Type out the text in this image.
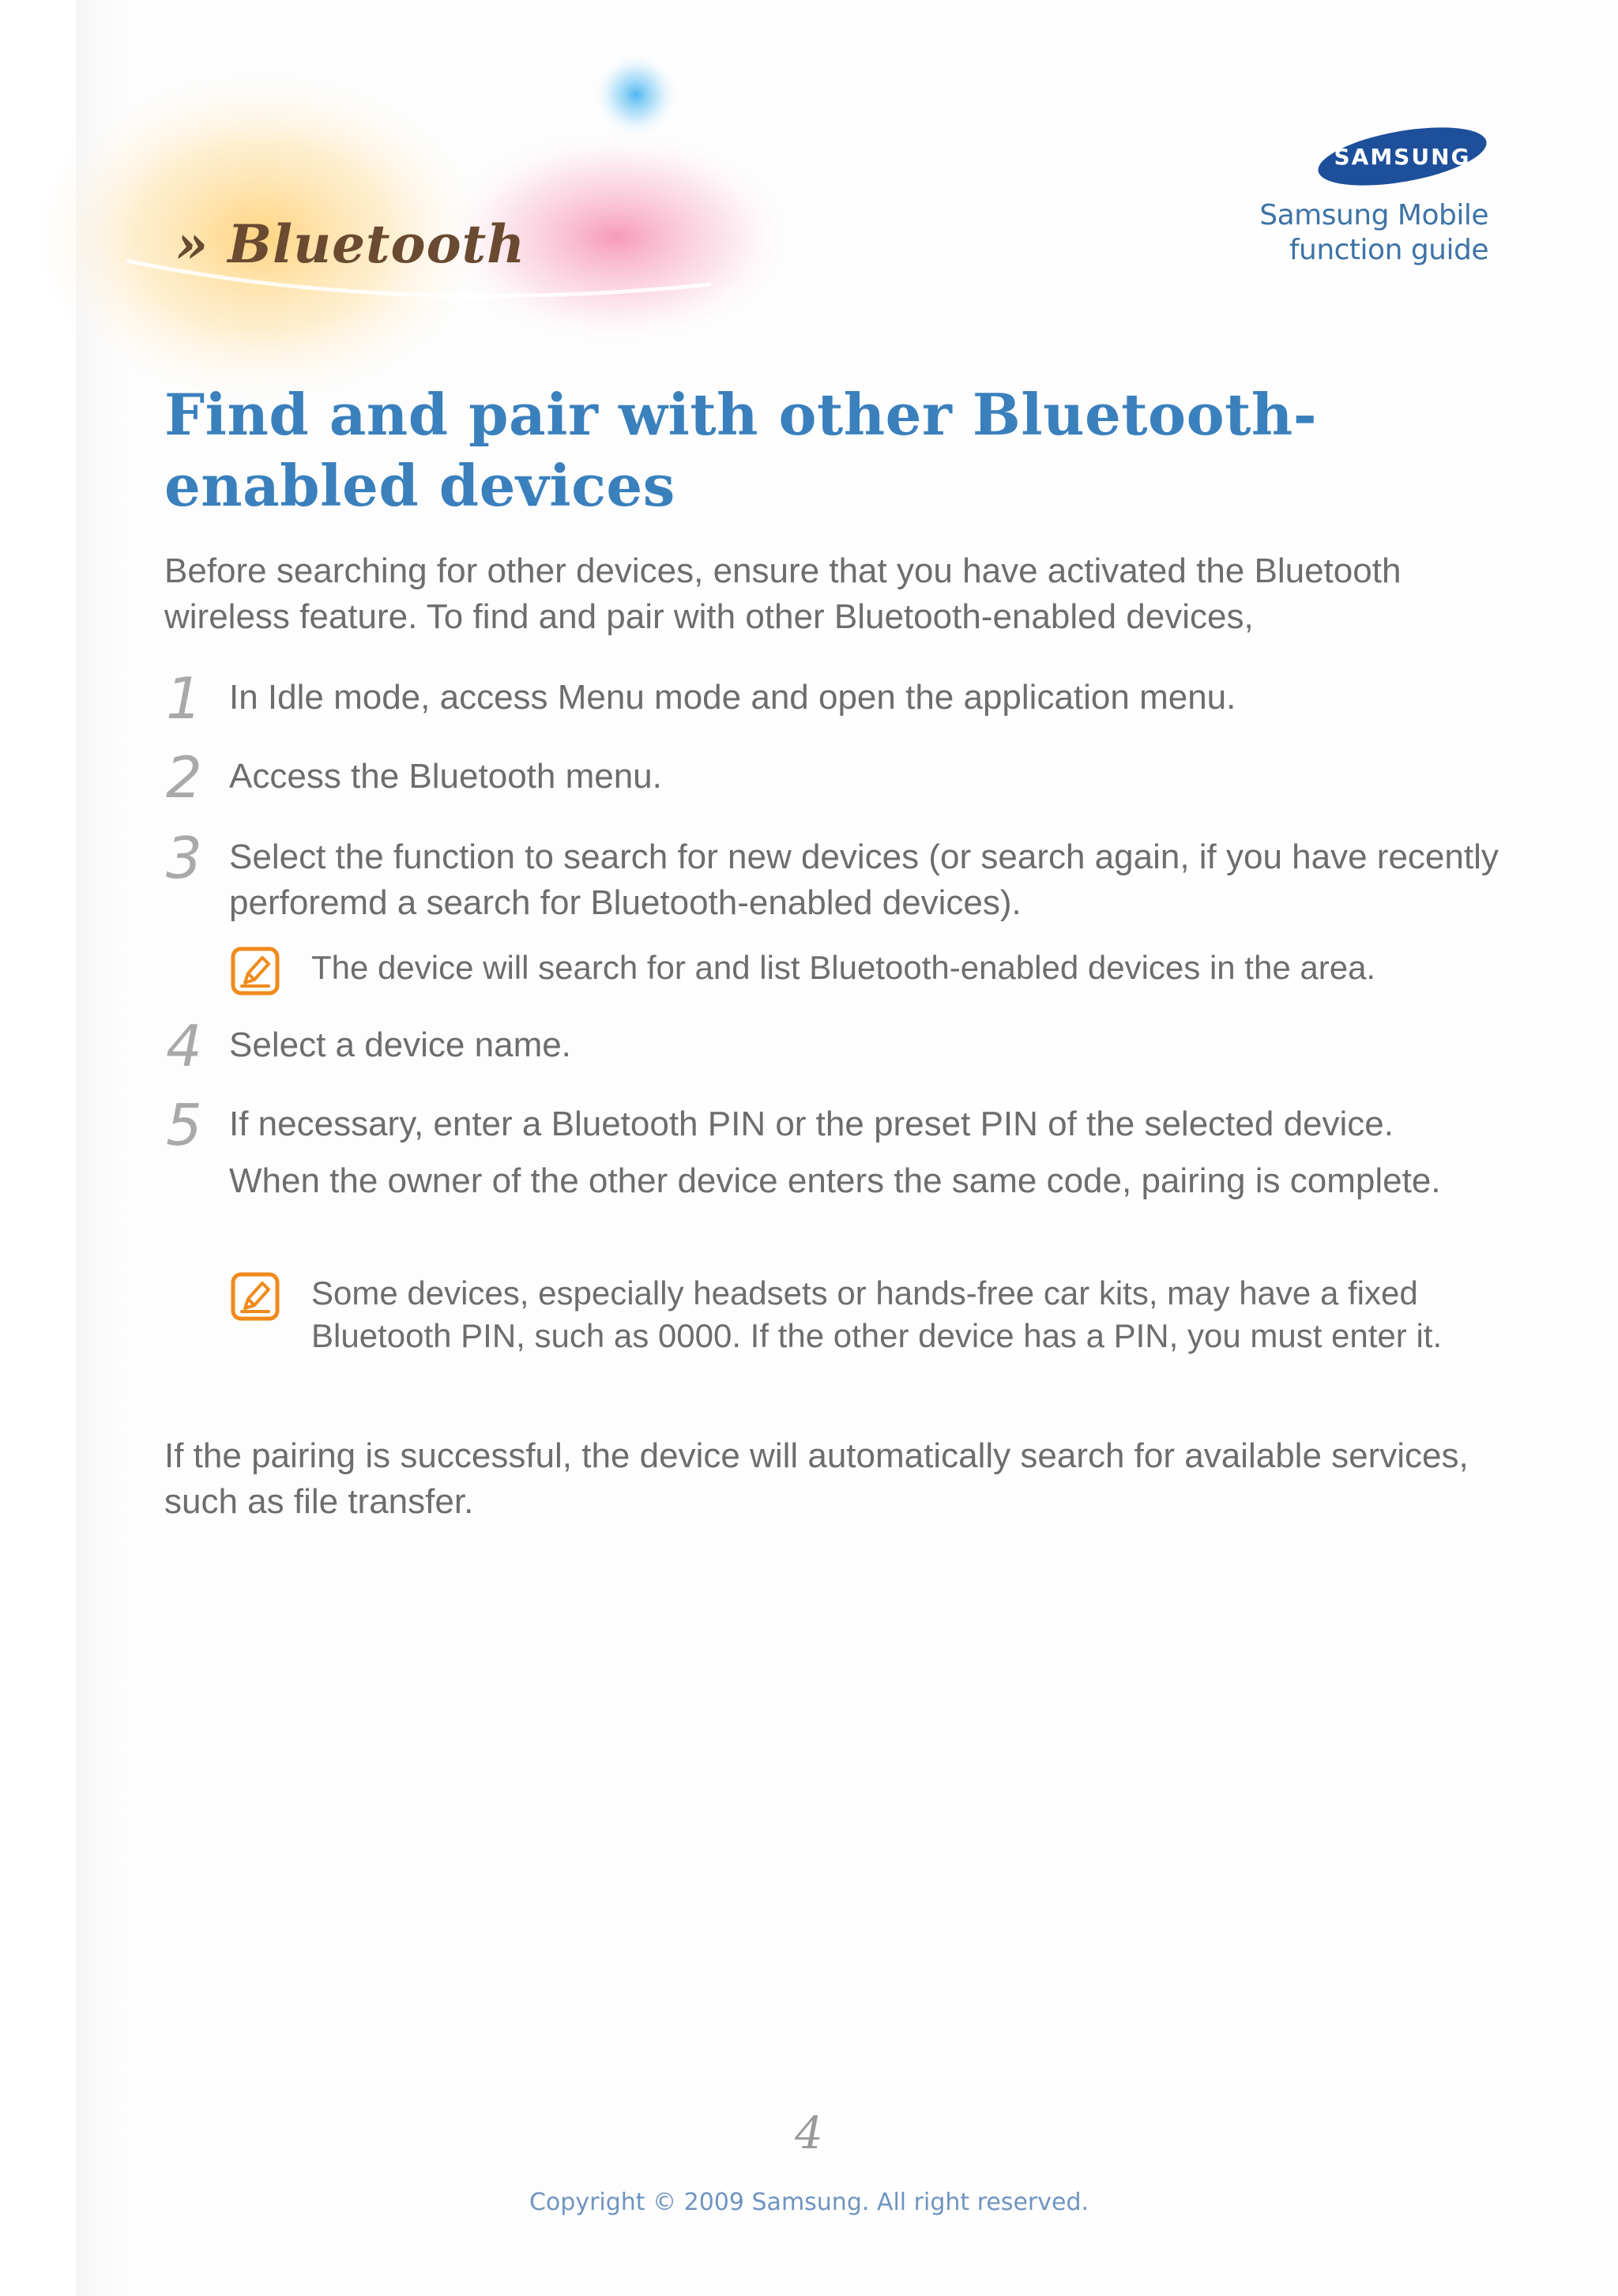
» Bluetooth
SAMSUNG
Samsung Mobile
function guide
Find and pair with other Bluetooth-enabled devices

Before searching for other devices, ensure that you have activated the Bluetooth wireless feature. To find and pair with other Bluetooth-enabled devices,

1 In Idle mode, access Menu mode and open the application menu.

2 Access the Bluetooth menu.

3 Select the function to search for new devices (or search again, if you have recently perforemd a search for Bluetooth-enabled devices).

The device will search for and list Bluetooth-enabled devices in the area.

4 Select a device name.

5 If necessary, enter a Bluetooth PIN or the preset PIN of the selected device.

When the owner of the other device enters the same code, pairing is complete.

Some devices, especially headsets or hands-free car kits, may have a fixed Bluetooth PIN, such as 0000. If the other device has a PIN, you must enter it.

If the pairing is successful, the device will automatically search for available services, such as file transfer.

4
Copyright © 2009 Samsung. All right reserved.
